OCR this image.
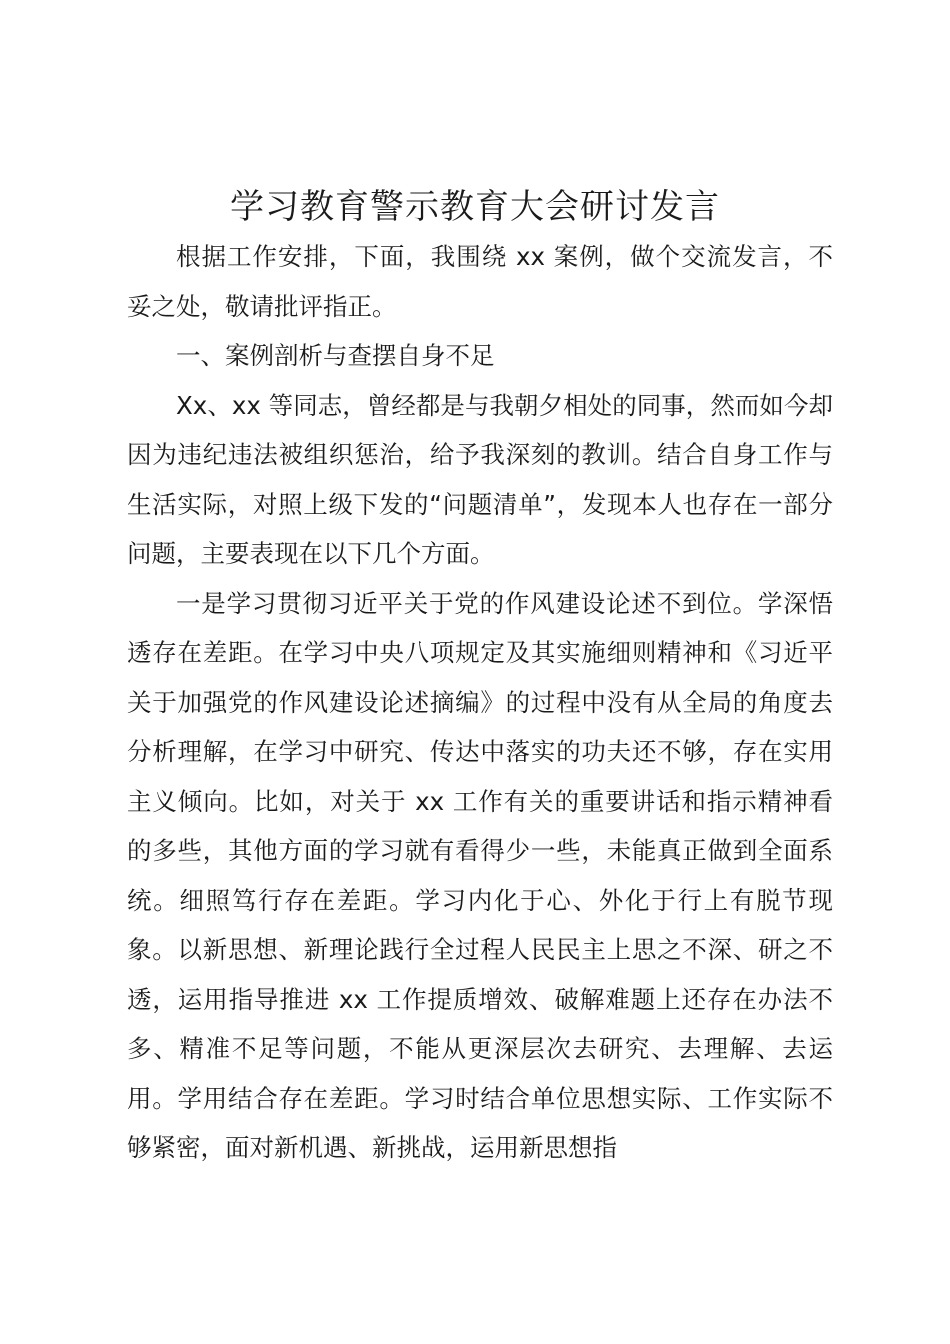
学习教育警示教育大会研讨发言

根据工作安排，下面，我围绕 xx 案例，做个交流发言，不妥之处，敬请批评指正。

一、案例剖析与查摆自身不足

Xx、xx 等同志，曾经都是与我朝夕相处的同事，然而如今却因为违纪违法被组织惩治，给予我深刻的教训。结合自身工作与生活实际，对照上级下发的“问题清单”，发现本人也存在一部分问题，主要表现在以下几个方面。

一是学习贯彻习近平关于党的作风建设论述不到位。学深悟透存在差距。在学习中央八项规定及其实施细则精神和《习近平关于加强党的作风建设论述摘编》的过程中没有从全局的角度去分析理解，在学习中研究、传达中落实的功夫还不够，存在实用主义倾向。比如，对关于 xx 工作有关的重要讲话和指示精神看的多些，其他方面的学习就有看得少一些，未能真正做到全面系统。细照笃行存在差距。学习内化于心、外化于行上有脱节现象。以新思想、新理论践行全过程人民民主上思之不深、研之不透，运用指导推进 xx 工作提质增效、破解难题上还存在办法不多、精准不足等问题，不能从更深层次去研究、去理解、去运用。学用结合存在差距。学习时结合单位思想实际、工作实际不够紧密，面对新机遇、新挑战，运用新思想指
